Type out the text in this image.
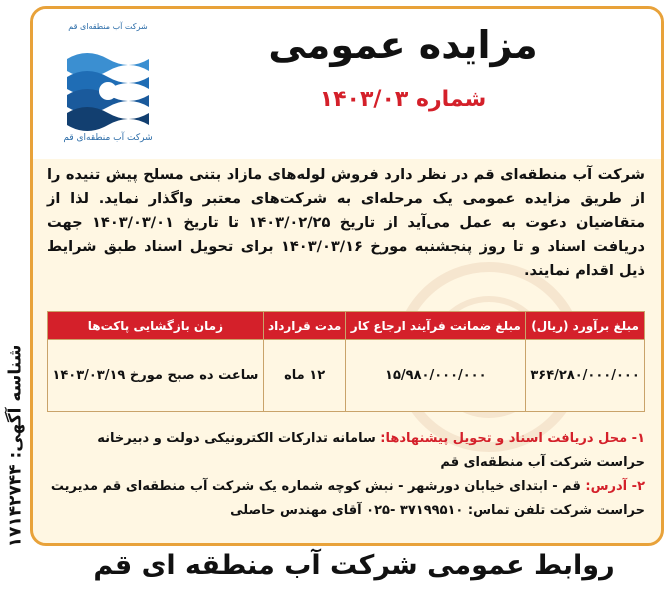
شرکت آب منطقه‌ای قم
شرکت آب منطقه‌ای قم
مزایده عمومی
شماره ۱۴۰۳/۰۳
شرکت آب منطقه‌ای قم در نظر دارد فروش لوله‌های مازاد بتنی مسلح پیش تنیده را از طریق مزایده عمومی یک مرحله‌ای به شرکت‌های معتبر واگذار نماید. لذا از متقاضیان دعوت به عمل می‌آید از تاریخ ۱۴۰۳/۰۲/۲۵ تا تاریخ ۱۴۰۳/۰۳/۰۱ جهت دریافت اسناد و تا روز پنجشنبه مورخ ۱۴۰۳/۰۳/۱۶ برای تحویل اسناد طبق شرایط ذیل اقدام نمایند.
مبلغ برآورد (ریال)	مبلغ ضمانت فرآیند ارجاع کار	مدت قرارداد	زمان بازگشایی پاکت‌ها
۳۶۴/۲۸۰/۰۰۰/۰۰۰	۱۵/۹۸۰/۰۰۰/۰۰۰	۱۲ ماه	ساعت ده صبح مورخ ۱۴۰۳/۰۳/۱۹
۱- محل دریافت اسناد و تحویل پیشنهادها: سامانه تدارکات الکترونیکی دولت و دبیرخانه حراست شرکت آب منطقه‌ای قم
۲- آدرس: قم - ابتدای خیابان دورشهر - نبش کوچه شماره یک شرکت آب منطقه‌ای قم مدیریت حراست شرکت تلفن تماس: ۳۷۱۹۹۵۱۰ -۰۲۵ آقای مهندس حاصلی
شناسه آگهی: ۱۷۱۴۲۷۴۴
روابط عمومی شرکت آب منطقه ای قم
